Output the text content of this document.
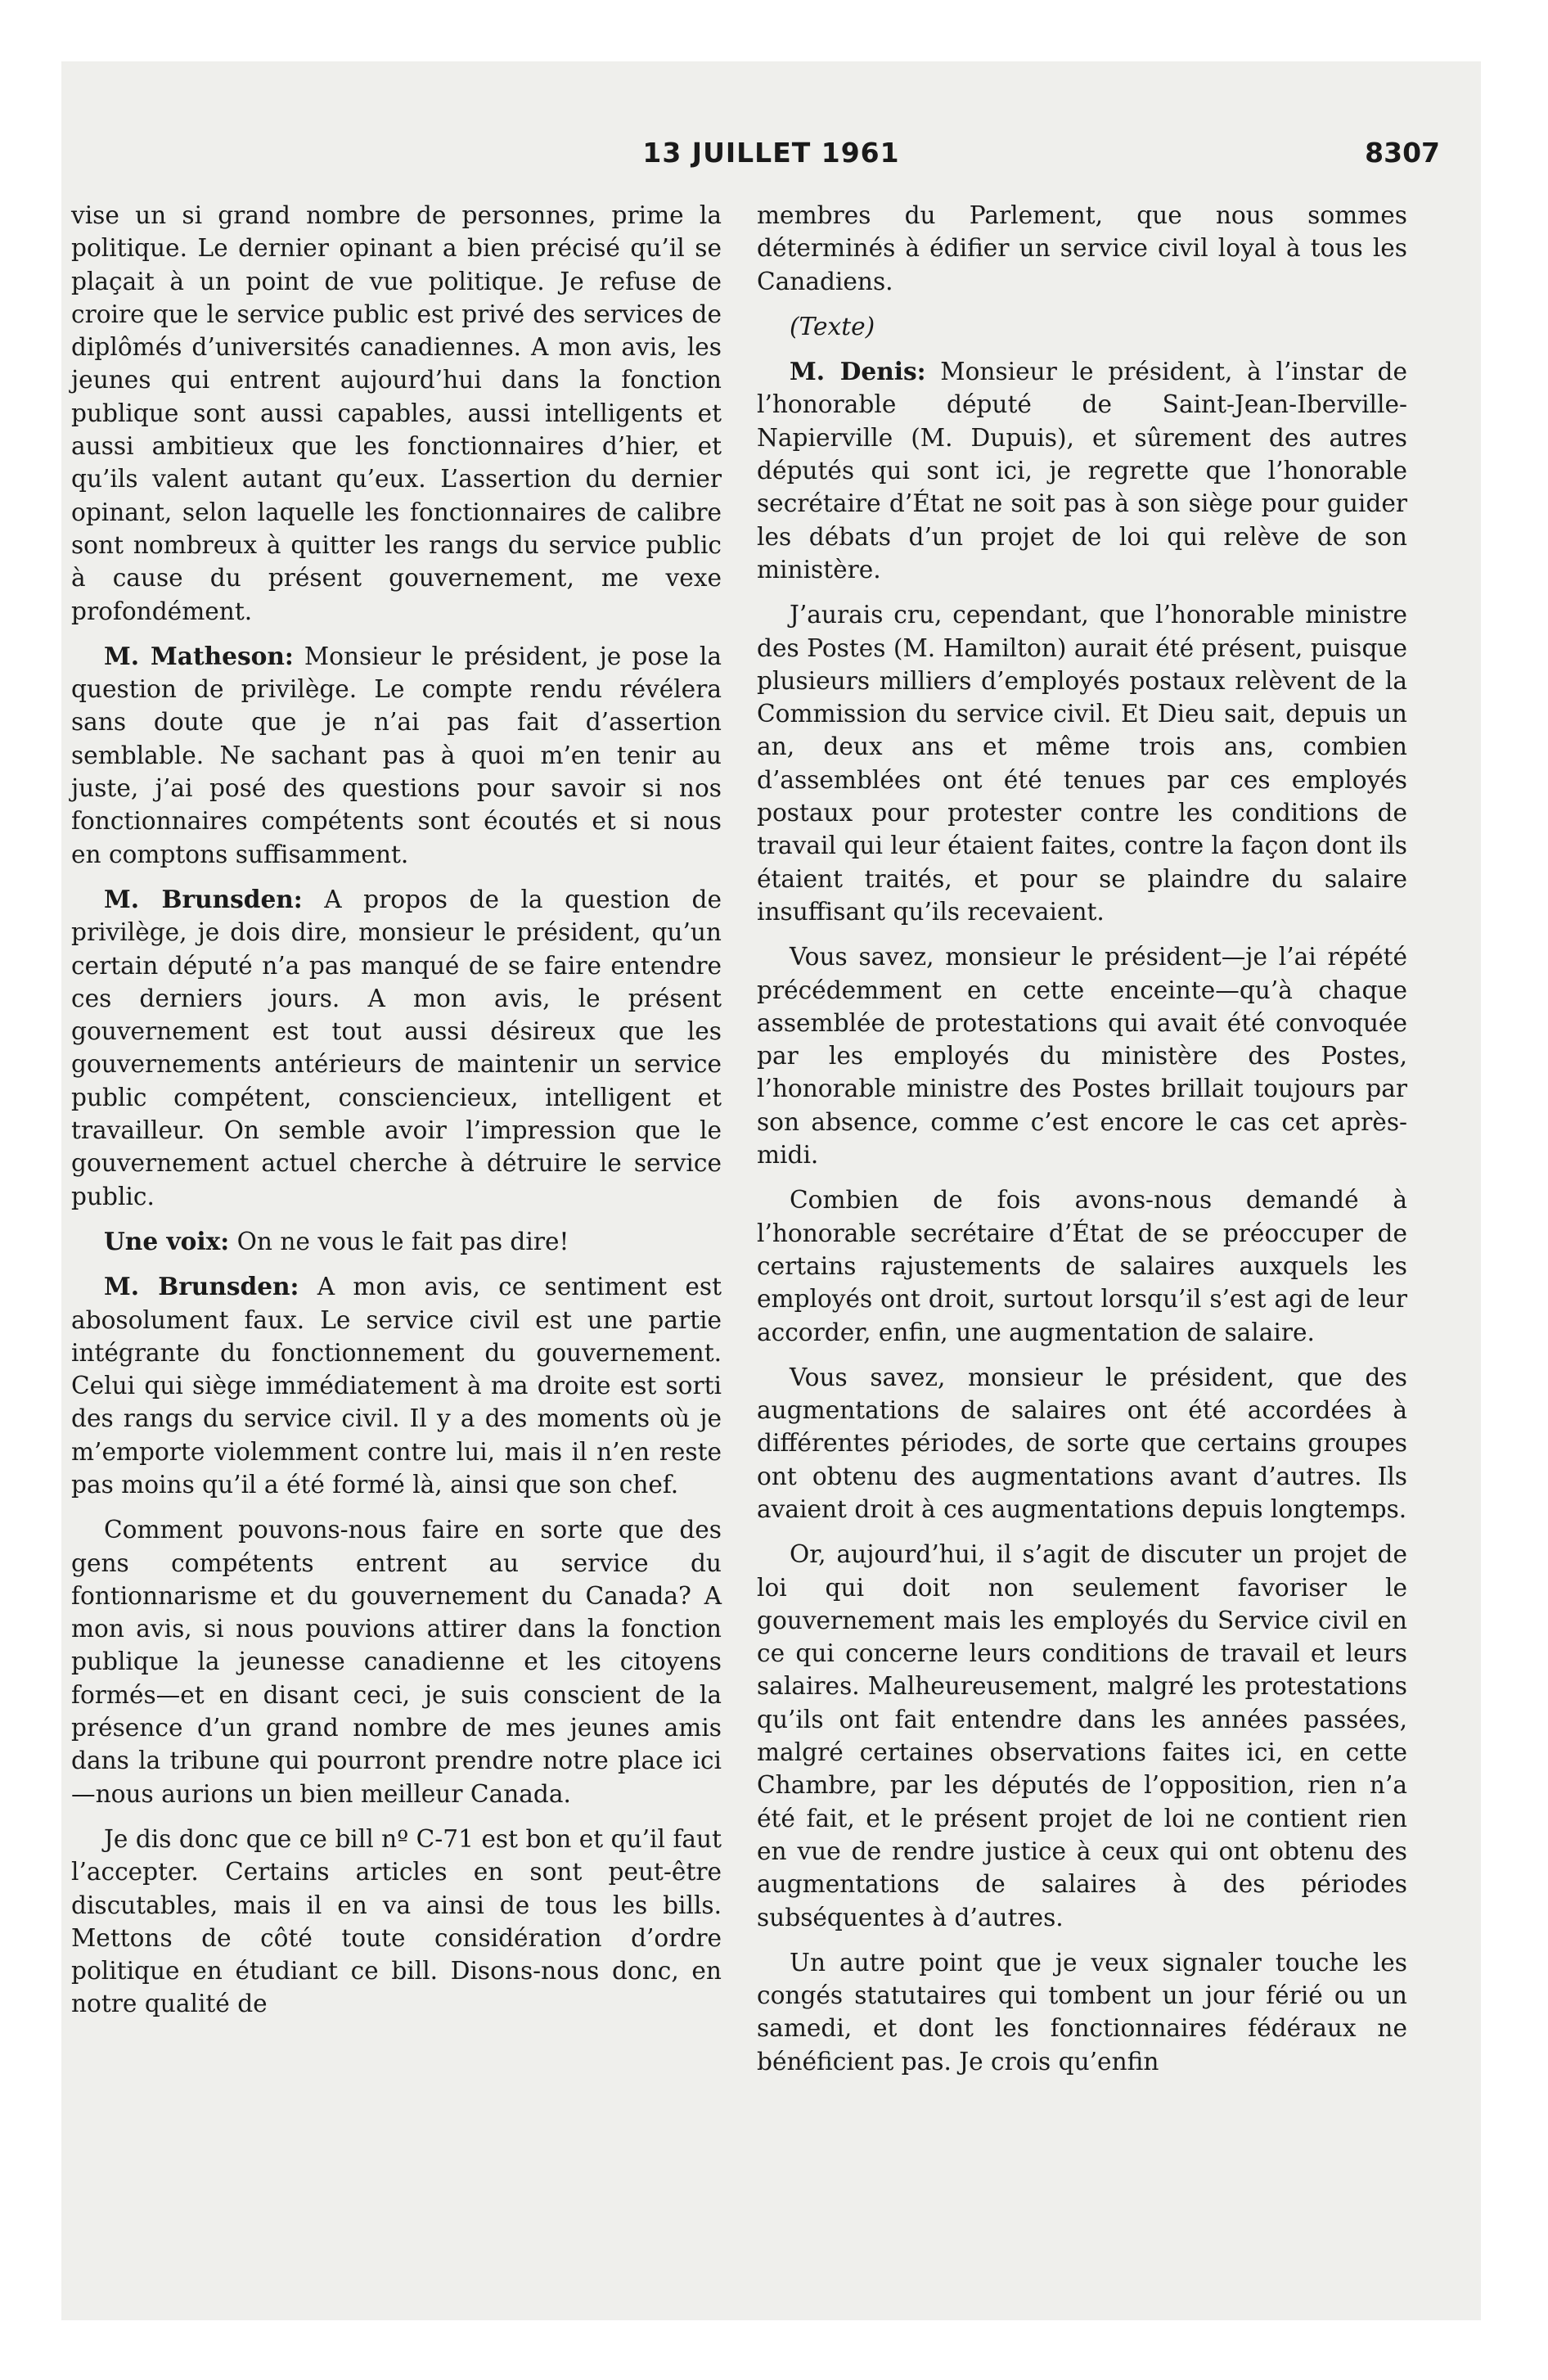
13 JUILLET 1961	8307

vise un si grand nombre de personnes, prime la politique. Le dernier opinant a bien précisé qu’il se plaçait à un point de vue politique. Je refuse de croire que le service public est privé des services de diplômés d’universités canadiennes. A mon avis, les jeunes qui entrent aujourd’hui dans la fonction publique sont aussi capables, aussi intelligents et aussi ambitieux que les fonctionnaires d’hier, et qu’ils valent autant qu’eux. L’assertion du dernier opinant, selon laquelle les fonctionnaires de calibre sont nombreux à quitter les rangs du service public à cause du présent gouvernement, me vexe profondément.

M. Matheson: Monsieur le président, je pose la question de privilège. Le compte rendu révélera sans doute que je n’ai pas fait d’assertion semblable. Ne sachant pas à quoi m’en tenir au juste, j’ai posé des questions pour savoir si nos fonctionnaires compétents sont écoutés et si nous en comptons suffisamment.

M. Brunsden: A propos de la question de privilège, je dois dire, monsieur le président, qu’un certain député n’a pas manqué de se faire entendre ces derniers jours. A mon avis, le présent gouvernement est tout aussi désireux que les gouvernements antérieurs de maintenir un service public compétent, consciencieux, intelligent et travailleur. On semble avoir l’impression que le gouvernement actuel cherche à détruire le service public.

Une voix: On ne vous le fait pas dire!

M. Brunsden: A mon avis, ce sentiment est abosolument faux. Le service civil est une partie intégrante du fonctionnement du gouvernement. Celui qui siège immédiatement à ma droite est sorti des rangs du service civil. Il y a des moments où je m’emporte violemment contre lui, mais il n’en reste pas moins qu’il a été formé là, ainsi que son chef.

Comment pouvons-nous faire en sorte que des gens compétents entrent au service du fontionnarisme et du gouvernement du Canada? A mon avis, si nous pouvions attirer dans la fonction publique la jeunesse canadienne et les citoyens formés—et en disant ceci, je suis conscient de la présence d’un grand nombre de mes jeunes amis dans la tribune qui pourront prendre notre place ici —nous aurions un bien meilleur Canada.

Je dis donc que ce bill nº C-71 est bon et qu’il faut l’accepter. Certains articles en sont peut-être discutables, mais il en va ainsi de tous les bills. Mettons de côté toute considération d’ordre politique en étudiant ce bill. Disons-nous donc, en notre qualité de

membres du Parlement, que nous sommes déterminés à édifier un service civil loyal à tous les Canadiens.

(Texte)

M. Denis: Monsieur le président, à l’instar de l’honorable député de Saint-Jean-Iberville-Napierville (M. Dupuis), et sûrement des autres députés qui sont ici, je regrette que l’honorable secrétaire d’État ne soit pas à son siège pour guider les débats d’un projet de loi qui relève de son ministère.

J’aurais cru, cependant, que l’honorable ministre des Postes (M. Hamilton) aurait été présent, puisque plusieurs milliers d’employés postaux relèvent de la Commission du service civil. Et Dieu sait, depuis un an, deux ans et même trois ans, combien d’assemblées ont été tenues par ces employés postaux pour protester contre les conditions de travail qui leur étaient faites, contre la façon dont ils étaient traités, et pour se plaindre du salaire insuffisant qu’ils recevaient.

Vous savez, monsieur le président—je l’ai répété précédemment en cette enceinte—qu’à chaque assemblée de protestations qui avait été convoquée par les employés du ministère des Postes, l’honorable ministre des Postes brillait toujours par son absence, comme c’est encore le cas cet après-midi.

Combien de fois avons-nous demandé à l’honorable secrétaire d’État de se préoccuper de certains rajustements de salaires auxquels les employés ont droit, surtout lorsqu’il s’est agi de leur accorder, enfin, une augmentation de salaire.

Vous savez, monsieur le président, que des augmentations de salaires ont été accordées à différentes périodes, de sorte que certains groupes ont obtenu des augmentations avant d’autres. Ils avaient droit à ces augmentations depuis longtemps.

Or, aujourd’hui, il s’agit de discuter un projet de loi qui doit non seulement favoriser le gouvernement mais les employés du Service civil en ce qui concerne leurs conditions de travail et leurs salaires. Malheureusement, malgré les protestations qu’ils ont fait entendre dans les années passées, malgré certaines observations faites ici, en cette Chambre, par les députés de l’opposition, rien n’a été fait, et le présent projet de loi ne contient rien en vue de rendre justice à ceux qui ont obtenu des augmentations de salaires à des périodes subséquentes à d’autres.

Un autre point que je veux signaler touche les congés statutaires qui tombent un jour férié ou un samedi, et dont les fonctionnaires fédéraux ne bénéficient pas. Je crois qu’enfin
